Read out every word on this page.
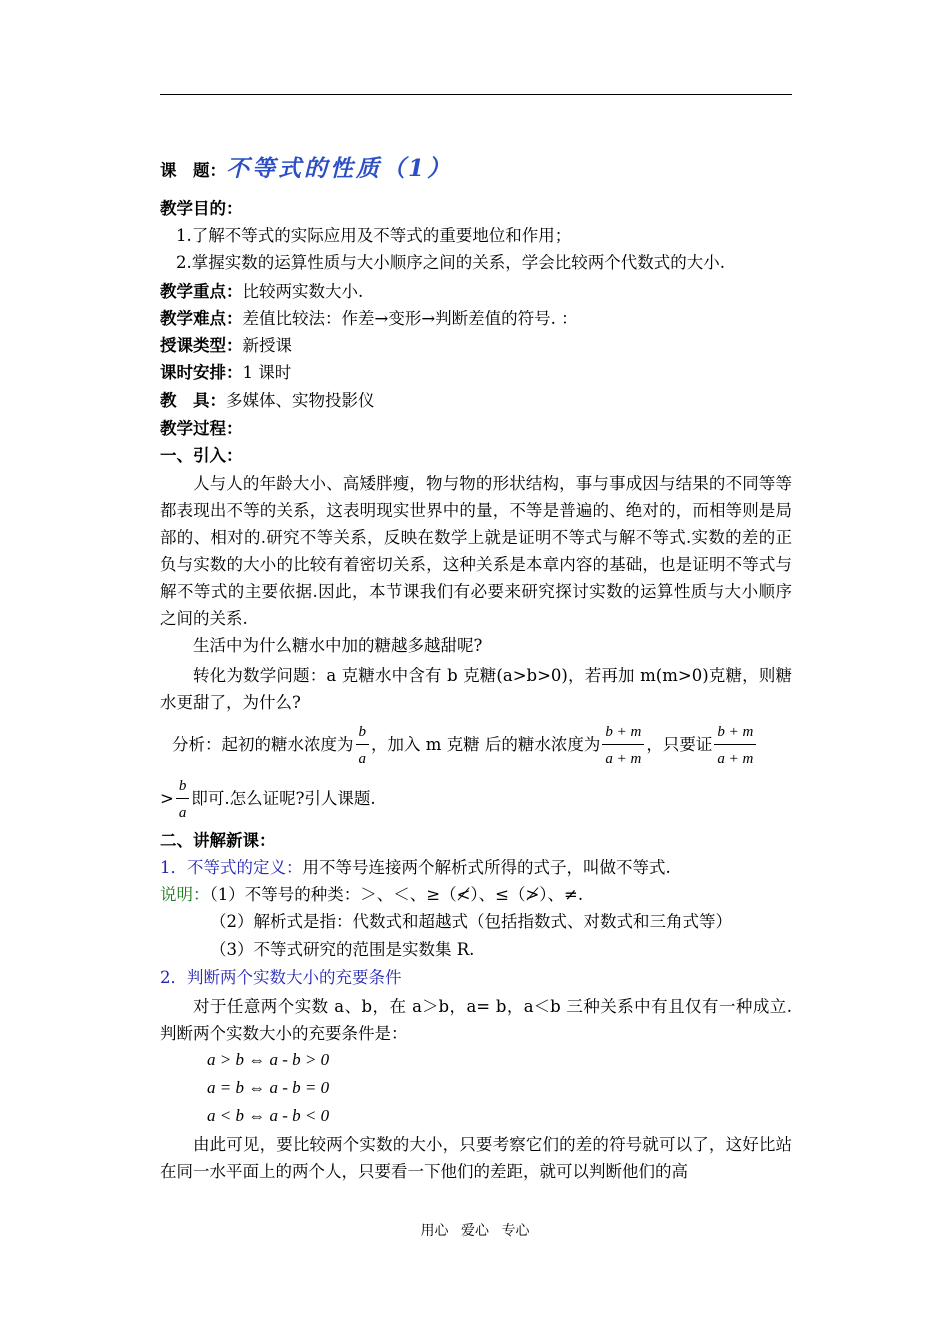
课　题：不等式的性质（1）
教学目的：
1.了解不等式的实际应用及不等式的重要地位和作用；
2.掌握实数的运算性质与大小顺序之间的关系，学会比较两个代数式的大小.
教学重点：比较两实数大小.
教学难点：差值比较法：作差→变形→判断差值的符号. ：
授课类型：新授课
课时安排：1 课时
教　具：多媒体、实物投影仪
教学过程：
一、引入：
人与人的年龄大小、高矮胖瘦，物与物的形状结构，事与事成因与结果的不同等等都表现出不等的关系，这表明现实世界中的量，不等是普遍的、绝对的，而相等则是局部的、相对的.研究不等关系，反映在数学上就是证明不等式与解不等式.实数的差的正负与实数的大小的比较有着密切关系，这种关系是本章内容的基础，也是证明不等式与解不等式的主要依据.因此，本节课我们有必要来研究探讨实数的运算性质与大小顺序之间的关系.
生活中为什么糖水中加的糖越多越甜呢?
转化为数学问题：a 克糖水中含有 b 克糖(a>b>0)，若再加 m(m>0)克糖，则糖水更甜了，为什么?
分析：起初的糖水浓度为 $\frac{b}{a}$ ，加入 m 克糖 后的糖水浓度为 $\frac{b + m}{a + m}$ ，只要证 $\frac{b + m}{a + m}$
> $\frac{b}{a}$ 即可.怎么证呢?引人课题.
二、讲解新课：
1．不等式的定义：用不等号连接两个解析式所得的式子，叫做不等式.
说明：（1）不等号的种类：＞、＜、≥（≮）、≤（≯）、≠.
（2）解析式是指：代数式和超越式（包括指数式、对数式和三角式等）
（3）不等式研究的范围是实数集 R.
2．判断两个实数大小的充要条件
对于任意两个实数 a、b，在 a＞b，a= b，a＜b 三种关系中有且仅有一种成立.判断两个实数大小的充要条件是：
a > b ⇔ a - b > 0
a = b ⇔ a - b = 0
a < b ⇔ a - b < 0
由此可见，要比较两个实数的大小，只要考察它们的差的符号就可以了，这好比站在同一水平面上的两个人，只要看一下他们的差距，就可以判断他们的高
用心 爱心 专心
